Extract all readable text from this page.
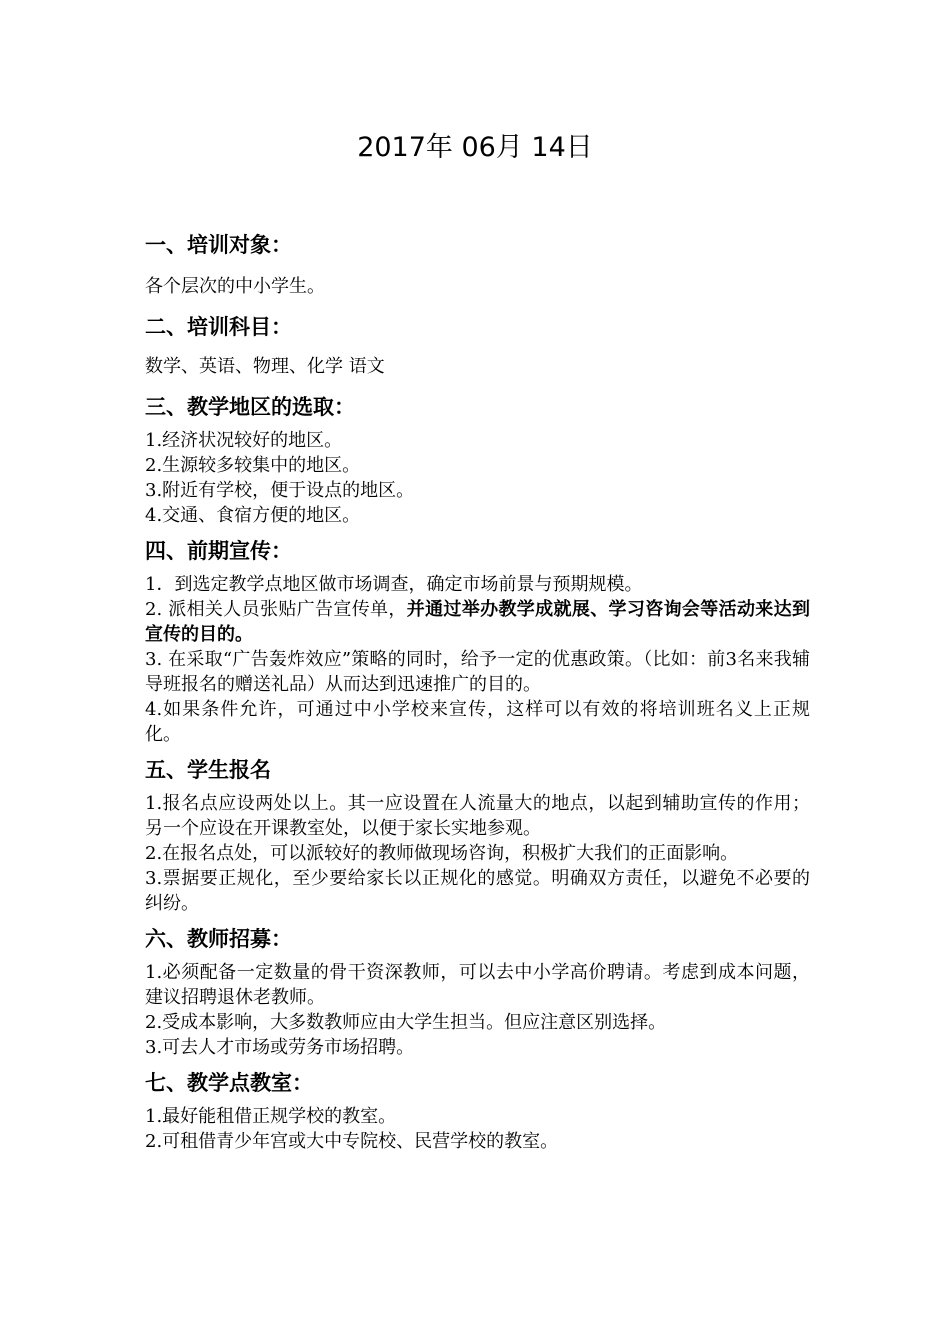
2017年 06月 14日
一、培训对象：
各个层次的中小学生。
二、培训科目：
数学、英语、物理、化学 语文
三、教学地区的选取：

1.经济状况较好的地区。

2.生源较多较集中的地区。

3.附近有学校，便于设点的地区。

4.交通、食宿方便的地区。

四、前期宣传：

1．到选定教学点地区做市场调查，确定市场前景与预期规模。

2. 派相关人员张贴广告宣传单，并通过举办教学成就展、学习咨询会等活动来达到宣传的目的。

3. 在采取“广告轰炸效应”策略的同时，给予一定的优惠政策。（比如：前3名来我辅导班报名的赠送礼品）从而达到迅速推广的目的。

4.如果条件允许，可通过中小学校来宣传，这样可以有效的将培训班名义上正规化。

五、学生报名

1.报名点应设两处以上。其一应设置在人流量大的地点，以起到辅助宣传的作用；另一个应设在开课教室处，以便于家长实地参观。

2.在报名点处，可以派较好的教师做现场咨询，积极扩大我们的正面影响。

3.票据要正规化，至少要给家长以正规化的感觉。明确双方责任，以避免不必要的纠纷。

六、教师招募：

1.必须配备一定数量的骨干资深教师，可以去中小学高价聘请。考虑到成本问题，建议招聘退休老教师。

2.受成本影响，大多数教师应由大学生担当。但应注意区别选择。

3.可去人才市场或劳务市场招聘。

七、教学点教室：

1.最好能租借正规学校的教室。

2.可租借青少年宫或大中专院校、民营学校的教室。
